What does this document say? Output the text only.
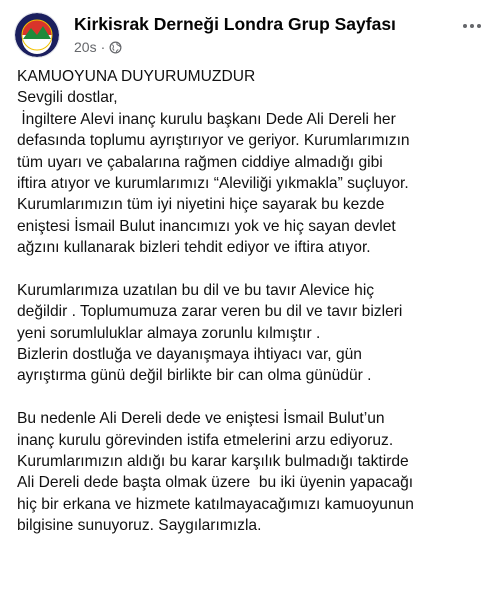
Kirkisrak Derneği Londra Grup Sayfası
20s ·
KAMUOYUNA DUYURUMUZDUR
Sevgili dostlar,
İngiltere Alevi inanç kurulu başkanı Dede Ali Dereli her
defasında toplumu ayrıştırıyor ve geriyor. Kurumlarımızın
tüm uyarı ve çabalarına rağmen ciddiye almadığı gibi
iftira atıyor ve kurumlarımızı “Aleviliği yıkmakla” suçluyor.
Kurumlarımızın tüm iyi niyetini hiçe sayarak bu kezde
eniştesi İsmail Bulut inancımızı yok ve hiç sayan devlet
ağzını kullanarak bizleri tehdit ediyor ve iftira atıyor.
Kurumlarımıza uzatılan bu dil ve bu tavır Alevice hiç
değildir . Toplumumuza zarar veren bu dil ve tavır bizleri
yeni sorumluluklar almaya zorunlu kılmıştır .
Bizlerin dostluğa ve dayanışmaya ihtiyacı var, gün
ayrıştırma günü değil birlikte bir can olma günüdür .
Bu nedenle Ali Dereli dede ve eniştesi İsmail Bulut’un
inanç kurulu görevinden istifa etmelerini arzu ediyoruz.
Kurumlarımızın aldığı bu karar karşılık bulmadığı taktirde
Ali Dereli dede başta olmak üzere  bu iki üyenin yapacağı
hiç bir erkana ve hizmete katılmayacağımızı kamuoyunun
bilgisine sunuyoruz. Saygılarımızla.
